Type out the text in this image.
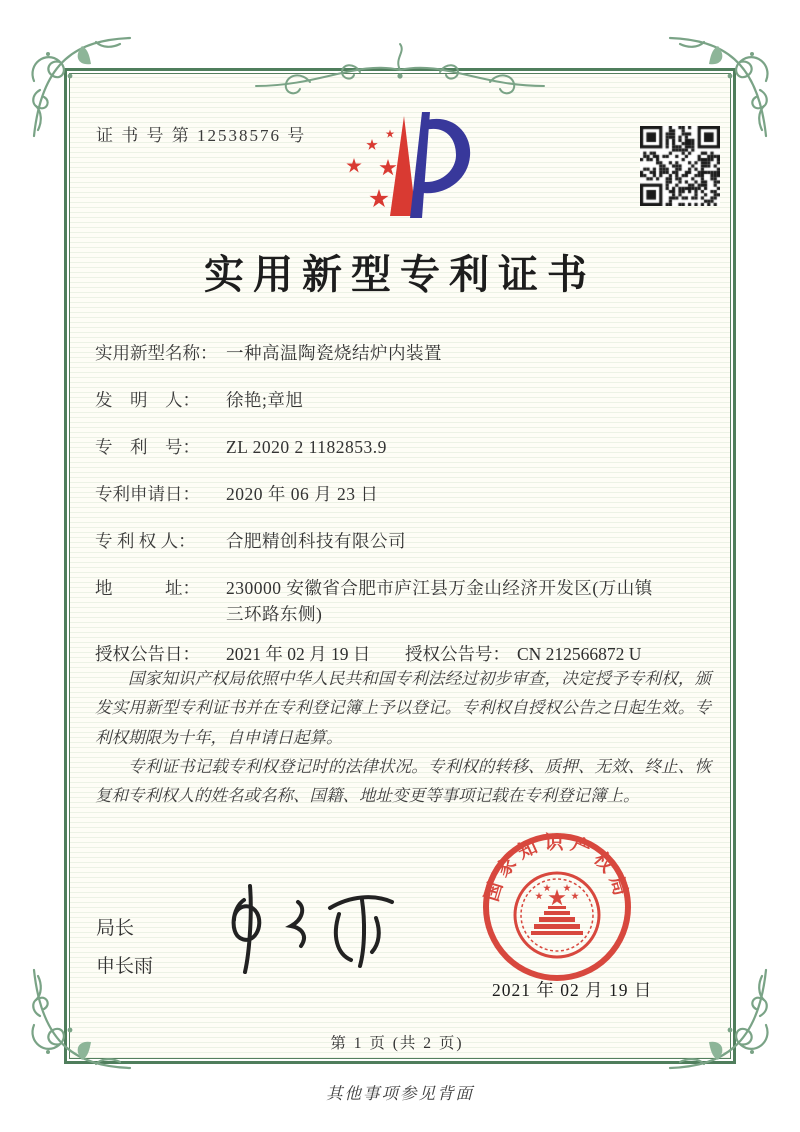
证 书 号 第 12538576 号
实用新型专利证书
实用新型名称： 一种高温陶瓷烧结炉内装置
发　明　人：	徐艳;章旭
专　利　号：	ZL 2020 2 1182853.9
专利申请日：	2020 年 06 月 23 日
专 利 权 人：	合肥精创科技有限公司
地　　　址：	230000 安徽省合肥市庐江县万金山经济开发区(万山镇三环路东侧)
授权公告日：	2021 年 02 月 19 日	授权公告号： CN 212566872 U

国家知识产权局依照中华人民共和国专利法经过初步审查，决定授予专利权，颁发实用新型专利证书并在专利登记簿上予以登记。专利权自授权公告之日起生效。专利权期限为十年，自申请日起算。

专利证书记载专利权登记时的法律状况。专利权的转移、质押、无效、终止、恢复和专利权人的姓名或名称、国籍、地址变更等事项记载在专利登记簿上。

局长
申长雨
国家知识产权局
2021 年 02 月 19 日
第 1 页 (共 2 页)
其他事项参见背面
